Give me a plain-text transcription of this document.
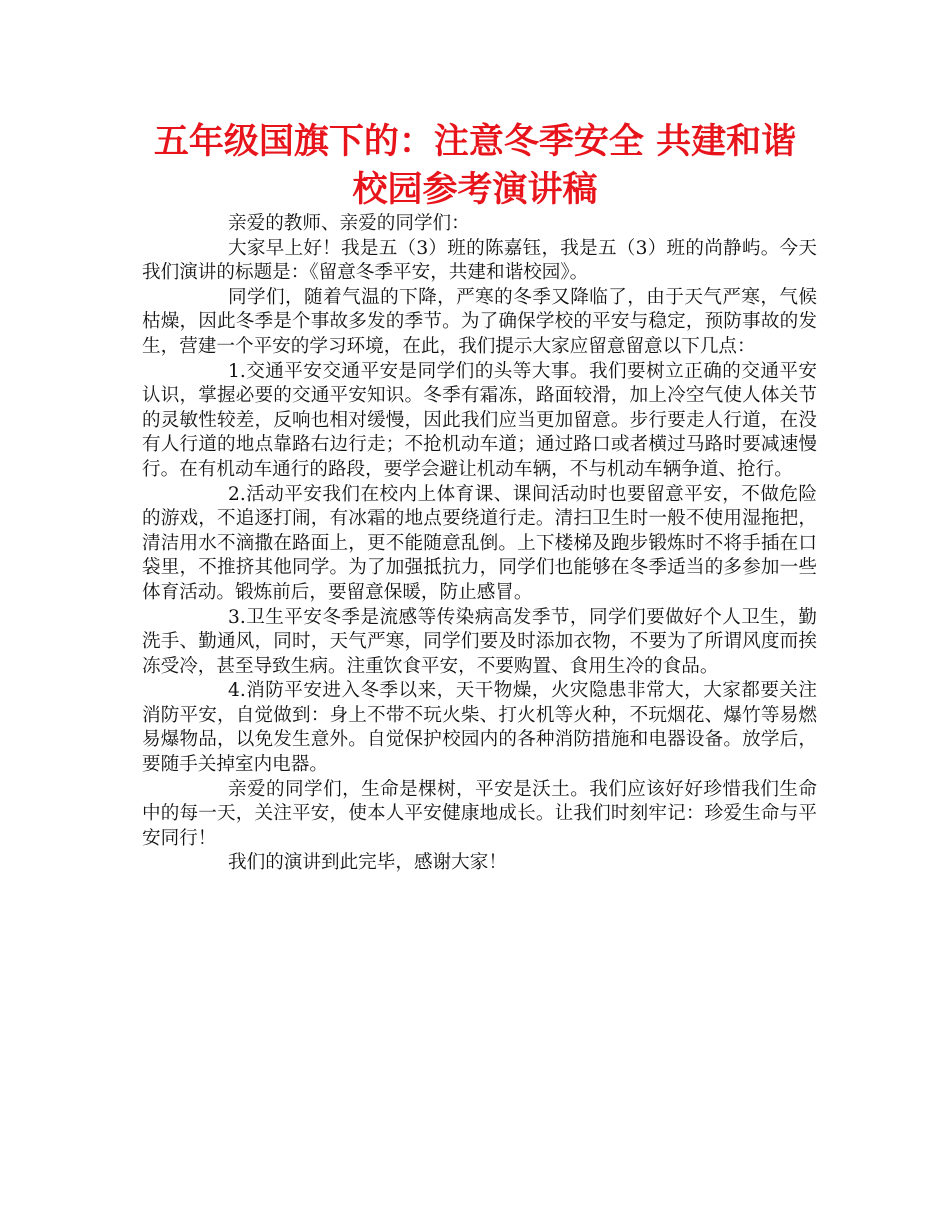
五年级国旗下的：注意冬季安全 共建和谐
校园参考演讲稿

亲爱的教师、亲爱的同学们：

大家早上好！我是五（3）班的陈嘉钰，我是五（3）班的尚静屿。今天我们演讲的标题是：《留意冬季平安，共建和谐校园》。

同学们，随着气温的下降，严寒的冬季又降临了，由于天气严寒，气候枯燥，因此冬季是个事故多发的季节。为了确保学校的平安与稳定，预防事故的发生，营建一个平安的学习环境，在此，我们提示大家应留意留意以下几点：

1.交通平安交通平安是同学们的头等大事。我们要树立正确的交通平安认识，掌握必要的交通平安知识。冬季有霜冻，路面较滑，加上冷空气使人体关节的灵敏性较差，反响也相对缓慢，因此我们应当更加留意。步行要走人行道，在没有人行道的地点靠路右边行走；不抢机动车道；通过路口或者横过马路时要减速慢行。在有机动车通行的路段，要学会避让机动车辆，不与机动车辆争道、抢行。

2.活动平安我们在校内上体育课、课间活动时也要留意平安，不做危险的游戏，不追逐打闹，有冰霜的地点要绕道行走。清扫卫生时一般不使用湿拖把，清洁用水不滴撒在路面上，更不能随意乱倒。上下楼梯及跑步锻炼时不将手插在口袋里，不推挤其他同学。为了加强抵抗力，同学们也能够在冬季适当的多参加一些体育活动。锻炼前后，要留意保暖，防止感冒。

3.卫生平安冬季是流感等传染病高发季节，同学们要做好个人卫生，勤洗手、勤通风，同时，天气严寒，同学们要及时添加衣物，不要为了所谓风度而挨冻受冷，甚至导致生病。注重饮食平安，不要购置、食用生冷的食品。

4.消防平安进入冬季以来，天干物燥，火灾隐患非常大，大家都要关注消防平安，自觉做到：身上不带不玩火柴、打火机等火种，不玩烟花、爆竹等易燃易爆物品，以免发生意外。自觉保护校园内的各种消防措施和电器设备。放学后，要随手关掉室内电器。

亲爱的同学们，生命是棵树，平安是沃土。我们应该好好珍惜我们生命中的每一天，关注平安，使本人平安健康地成长。让我们时刻牢记：珍爱生命与平安同行！

我们的演讲到此完毕，感谢大家！
